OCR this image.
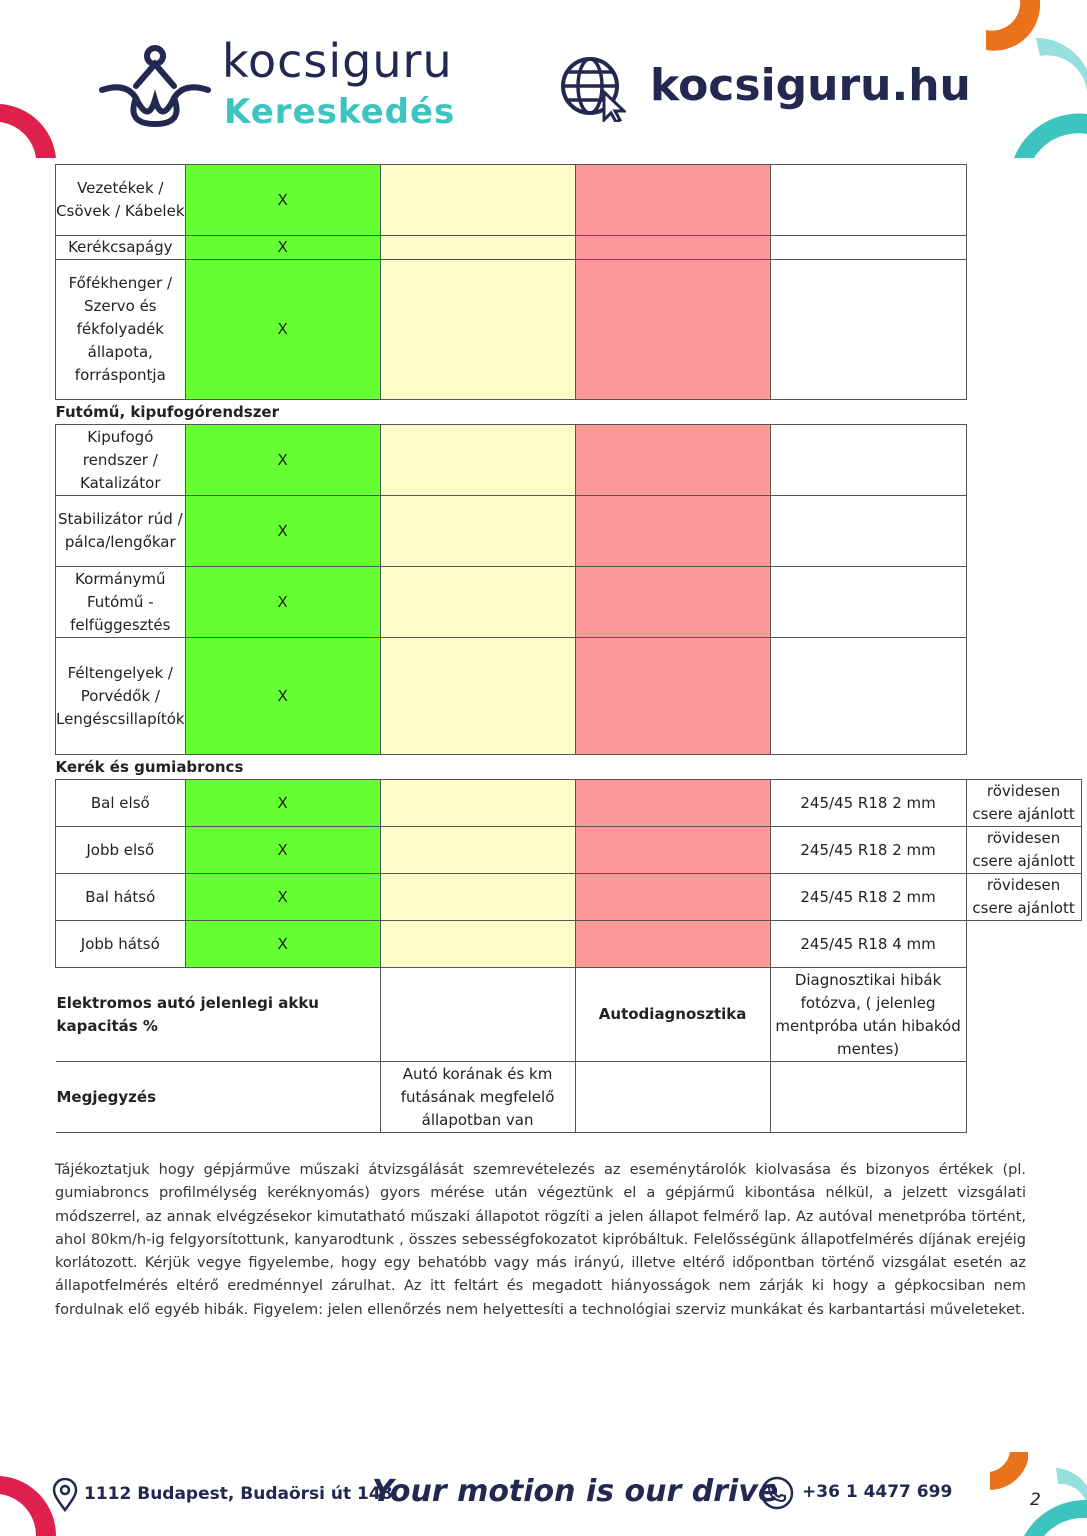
kocsiguru
Kereskedés
kocsiguru.hu
Vezetékek / Csövek / Kábelek	X				
Kerékcsapágy	X				
Főfékhenger / Szervo és fékfolyadék állapota, forráspontja	X				
Futómű, kipufogórendszer					
Kipufogó rendszer / Katalizátor	X				
Stabilizátor rúd / pálca/lengőkar	X				
Kormánymű Futómű - felfüggesztés	X				
Féltengelyek / Porvédők / Lengéscsillapítók	X				
Kerék és gumiabroncs					
Bal első	X			245/45 R18 2 mm	rövidesen csere ajánlott
Jobb első	X			245/45 R18 2 mm	rövidesen csere ajánlott
Bal hátsó	X			245/45 R18 2 mm	rövidesen csere ajánlott
Jobb hátsó	X			245/45 R18 4 mm	
Elektromos autó jelenlegi akku kapacitás %			Autodiagnosztika	Diagnosztikai hibák fotózva, ( jelenleg mentpróba után hibakód mentes)	
Megjegyzés		Autó korának és km futásának megfelelő állapotban van			
Tájékoztatjuk hogy gépjárműve műszaki átvizsgálását szemrevételezés az eseménytárolók kiolvasása és bizonyos értékek (pl. gumiabroncs profilmélység keréknyomás) gyors mérése után végeztünk el a gépjármű kibontása nélkül, a jelzett vizsgálati módszerrel, az annak elvégzésekor kimutatható műszaki állapotot rögzíti a jelen állapot felmérő lap. Az autóval menetpróba történt, ahol 80km/h-ig felgyorsítottunk, kanyarodtunk , összes sebességfokozatot kipróbáltuk. Felelősségünk állapotfelmérés díjának erejéig korlátozott. Kérjük vegye figyelembe, hogy egy behatóbb vagy más irányú, illetve eltérő időpontban történő vizsgálat esetén az állapotfelmérés eltérő eredménnyel zárulhat. Az itt feltárt és megadott hiányosságok nem zárják ki hogy a gépkocsiban nem fordulnak elő egyéb hibák. Figyelem: jelen ellenőrzés nem helyettesíti a technológiai szerviz munkákat és karbantartási műveleteket.
1112 Budapest, Budaörsi út 148.
Your motion is our drive +36 1 4477 699	2
